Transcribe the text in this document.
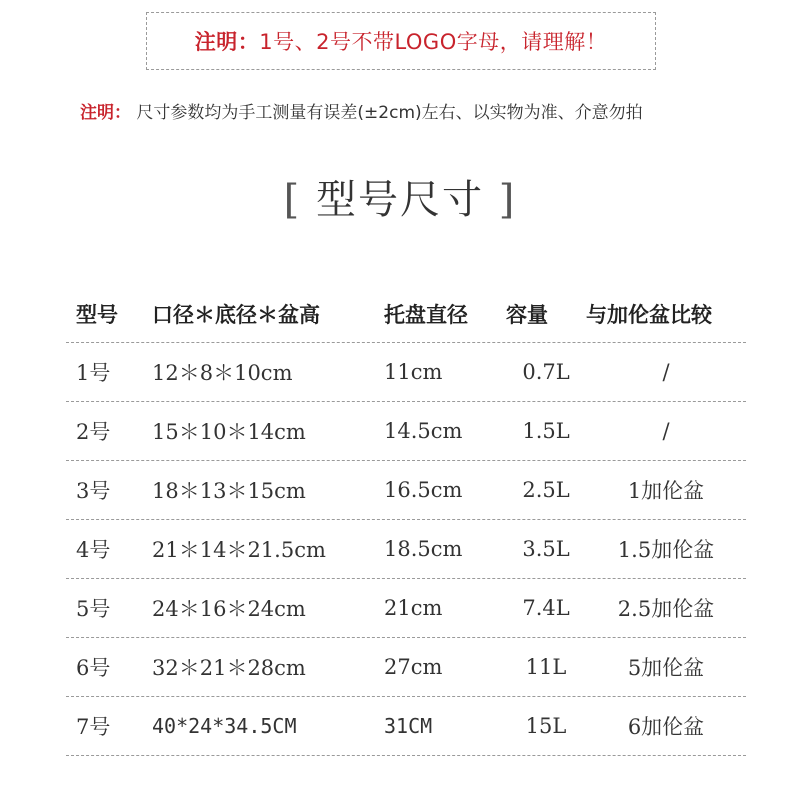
注明： 1号、2号不带LOGO字母，请理解！
注明： 尺寸参数均为手工测量有误差(±2cm)左右、以实物为准、介意勿拍
[ 型号尺寸 ]
型号	口径＊底径＊盆高	托盘直径	容量	与加伦盆比较
1号	12＊8＊10cm	11cm	0.7L	/
2号	15＊10＊14cm	14.5cm	1.5L	/
3号	18＊13＊15cm	16.5cm	2.5L	1加伦盆
4号	21＊14＊21.5cm	18.5cm	3.5L	1.5加伦盆
5号	24＊16＊24cm	21cm	7.4L	2.5加伦盆
6号	32＊21＊28cm	27cm	11L	5加伦盆
7号	40*24*34.5CM	31CM	15L	6加伦盆
